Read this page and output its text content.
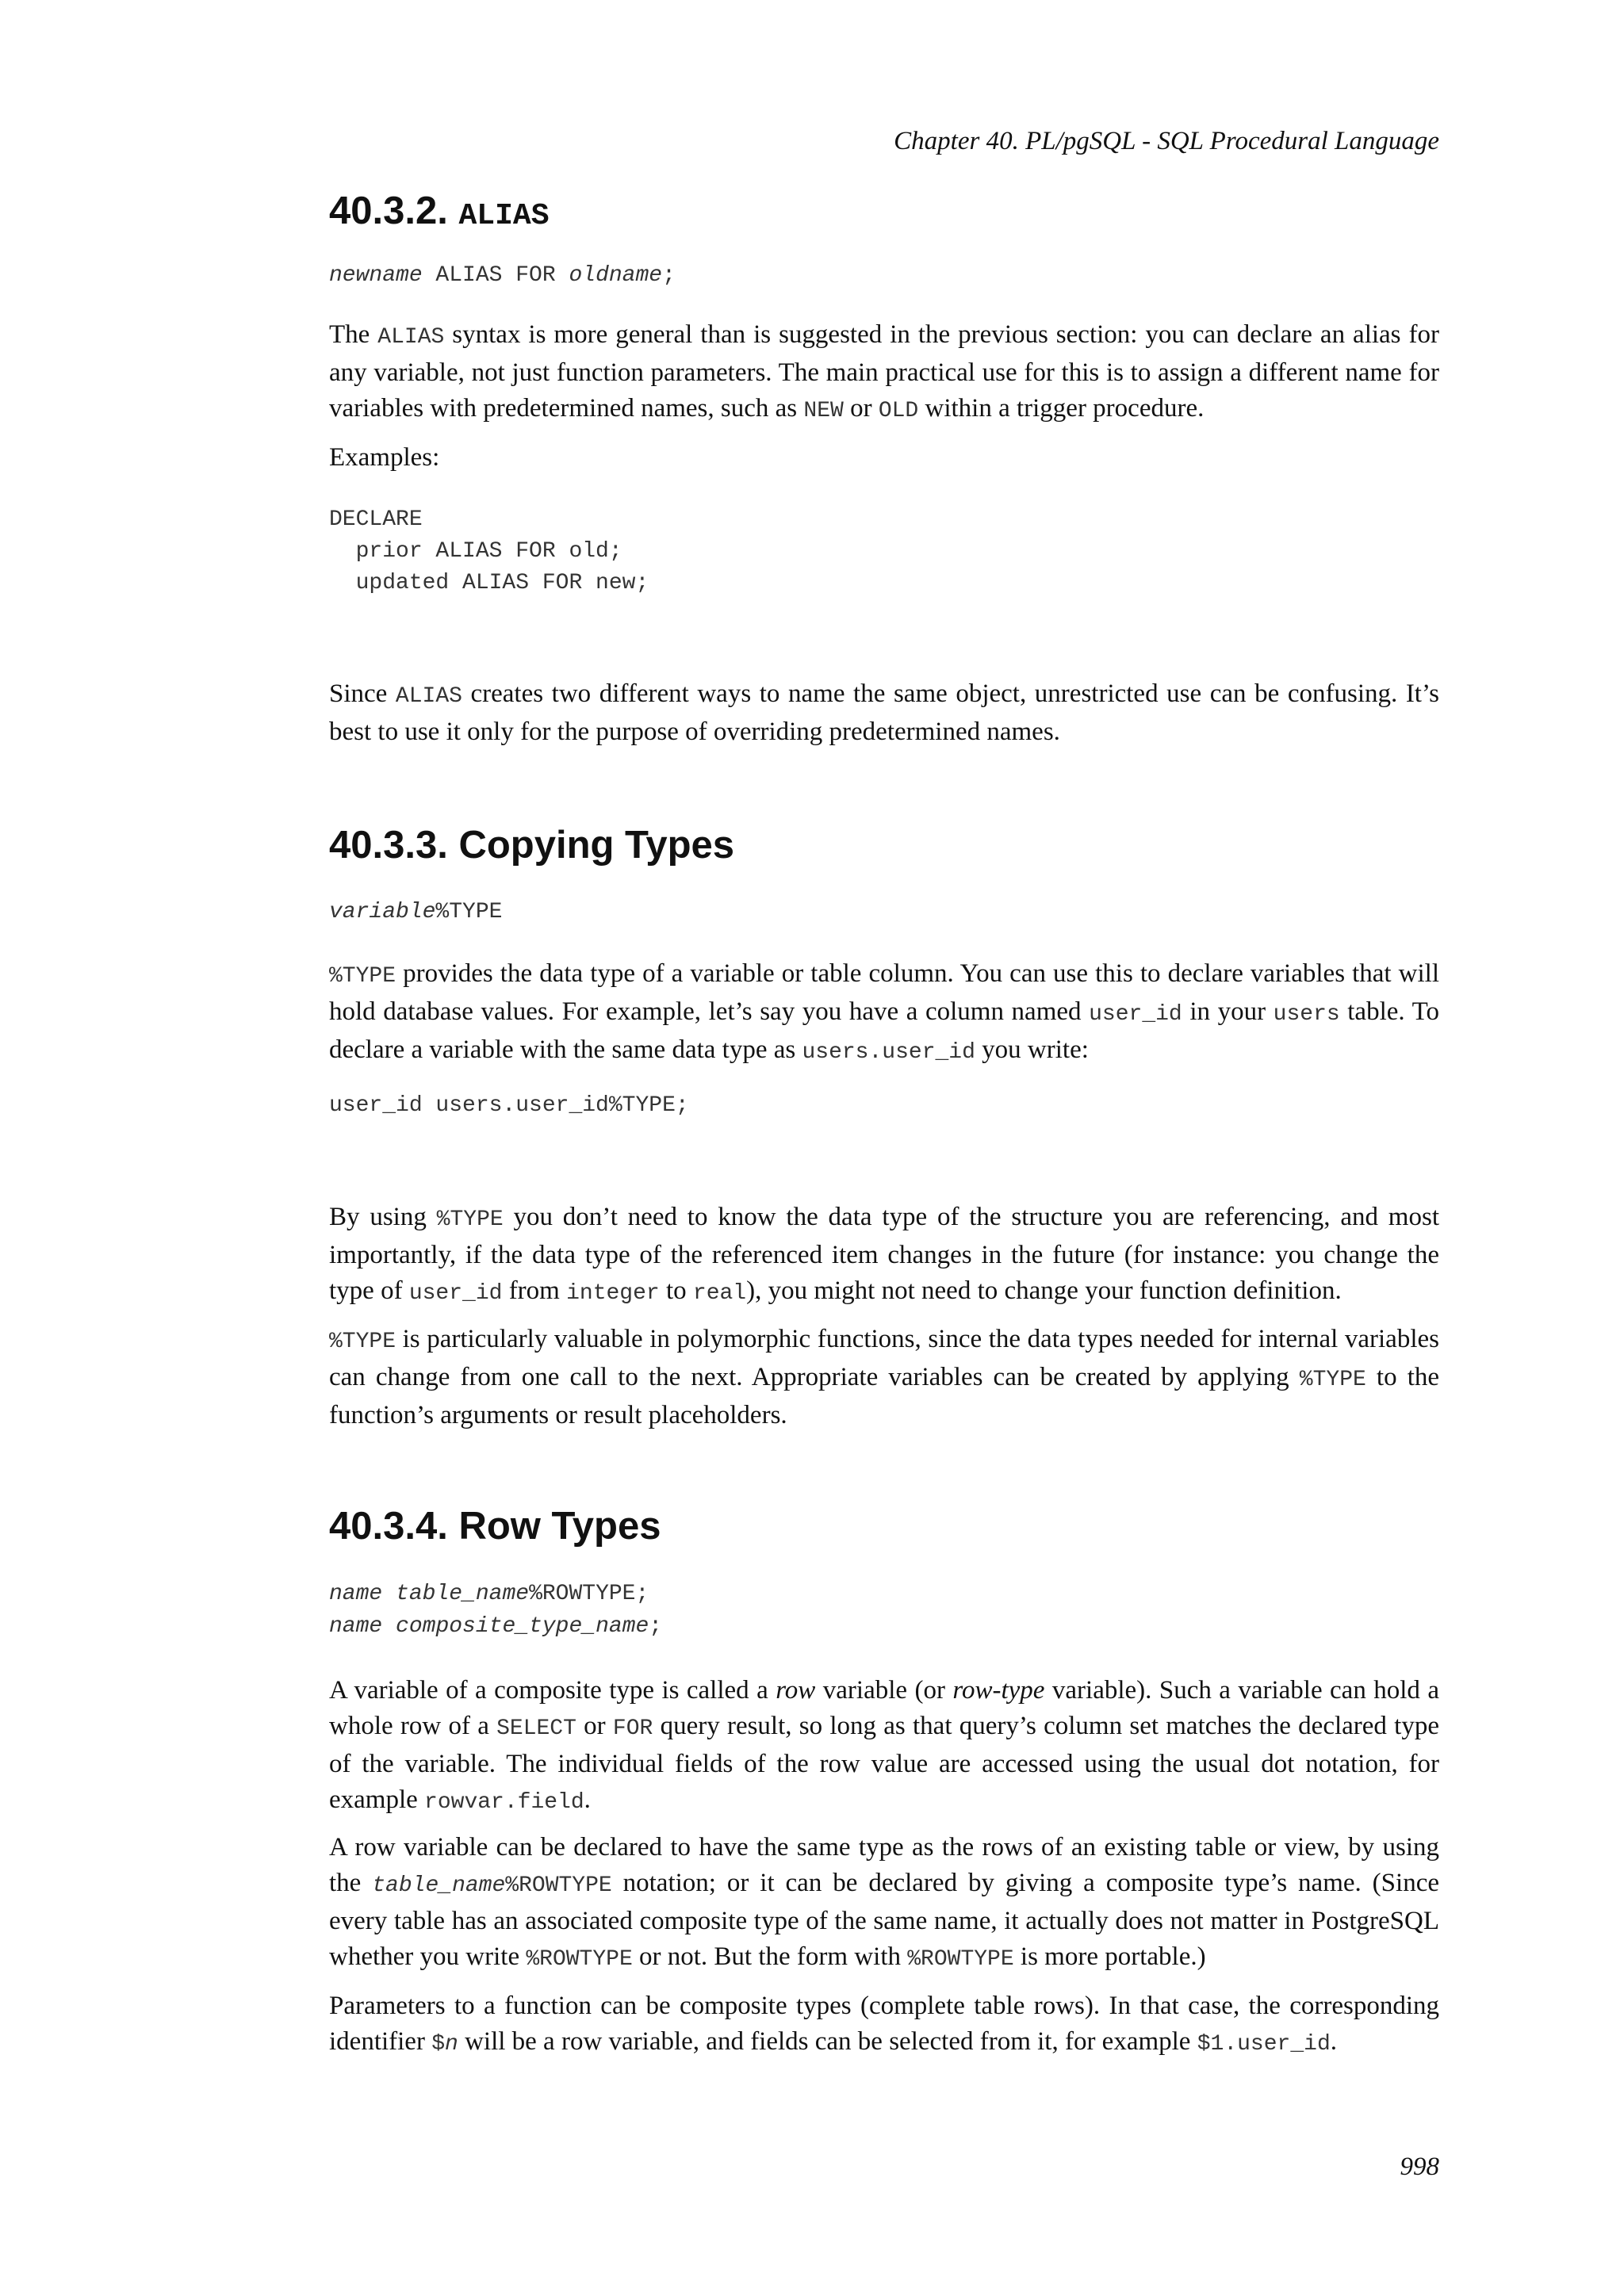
Chapter 40. PL/pgSQL - SQL Procedural Language
40.3.2. ALIAS
newname ALIAS FOR oldname;

The ALIAS syntax is more general than is suggested in the previous section: you can declare an alias for any variable, not just function parameters. The main practical use for this is to assign a different name for variables with predetermined names, such as NEW or OLD within a trigger procedure.

Examples:

DECLARE
prior ALIAS FOR old;
updated ALIAS FOR new;

Since ALIAS creates two different ways to name the same object, unrestricted use can be confusing. It’s best to use it only for the purpose of overriding predetermined names.

40.3.3. Copying Types
variable%TYPE

%TYPE provides the data type of a variable or table column. You can use this to declare variables that will hold database values. For example, let’s say you have a column named user_id in your users table. To declare a variable with the same data type as users.user_id you write:

user_id users.user_id%TYPE;

By using %TYPE you don’t need to know the data type of the structure you are referencing, and most importantly, if the data type of the referenced item changes in the future (for instance: you change the type of user_id from integer to real), you might not need to change your function definition.

%TYPE is particularly valuable in polymorphic functions, since the data types needed for internal variables can change from one call to the next. Appropriate variables can be created by applying %TYPE to the function’s arguments or result placeholders.

40.3.4. Row Types
name table_name%ROWTYPE;
name composite_type_name;

A variable of a composite type is called a row variable (or row-type variable). Such a variable can hold a whole row of a SELECT or FOR query result, so long as that query’s column set matches the declared type of the variable. The individual fields of the row value are accessed using the usual dot notation, for example rowvar.field.

A row variable can be declared to have the same type as the rows of an existing table or view, by using the table_name%ROWTYPE notation; or it can be declared by giving a composite type’s name. (Since every table has an associated composite type of the same name, it actually does not matter in PostgreSQL whether you write %ROWTYPE or not. But the form with %ROWTYPE is more portable.)

Parameters to a function can be composite types (complete table rows). In that case, the corresponding identifier $n will be a row variable, and fields can be selected from it, for example $1.user_id.

998
